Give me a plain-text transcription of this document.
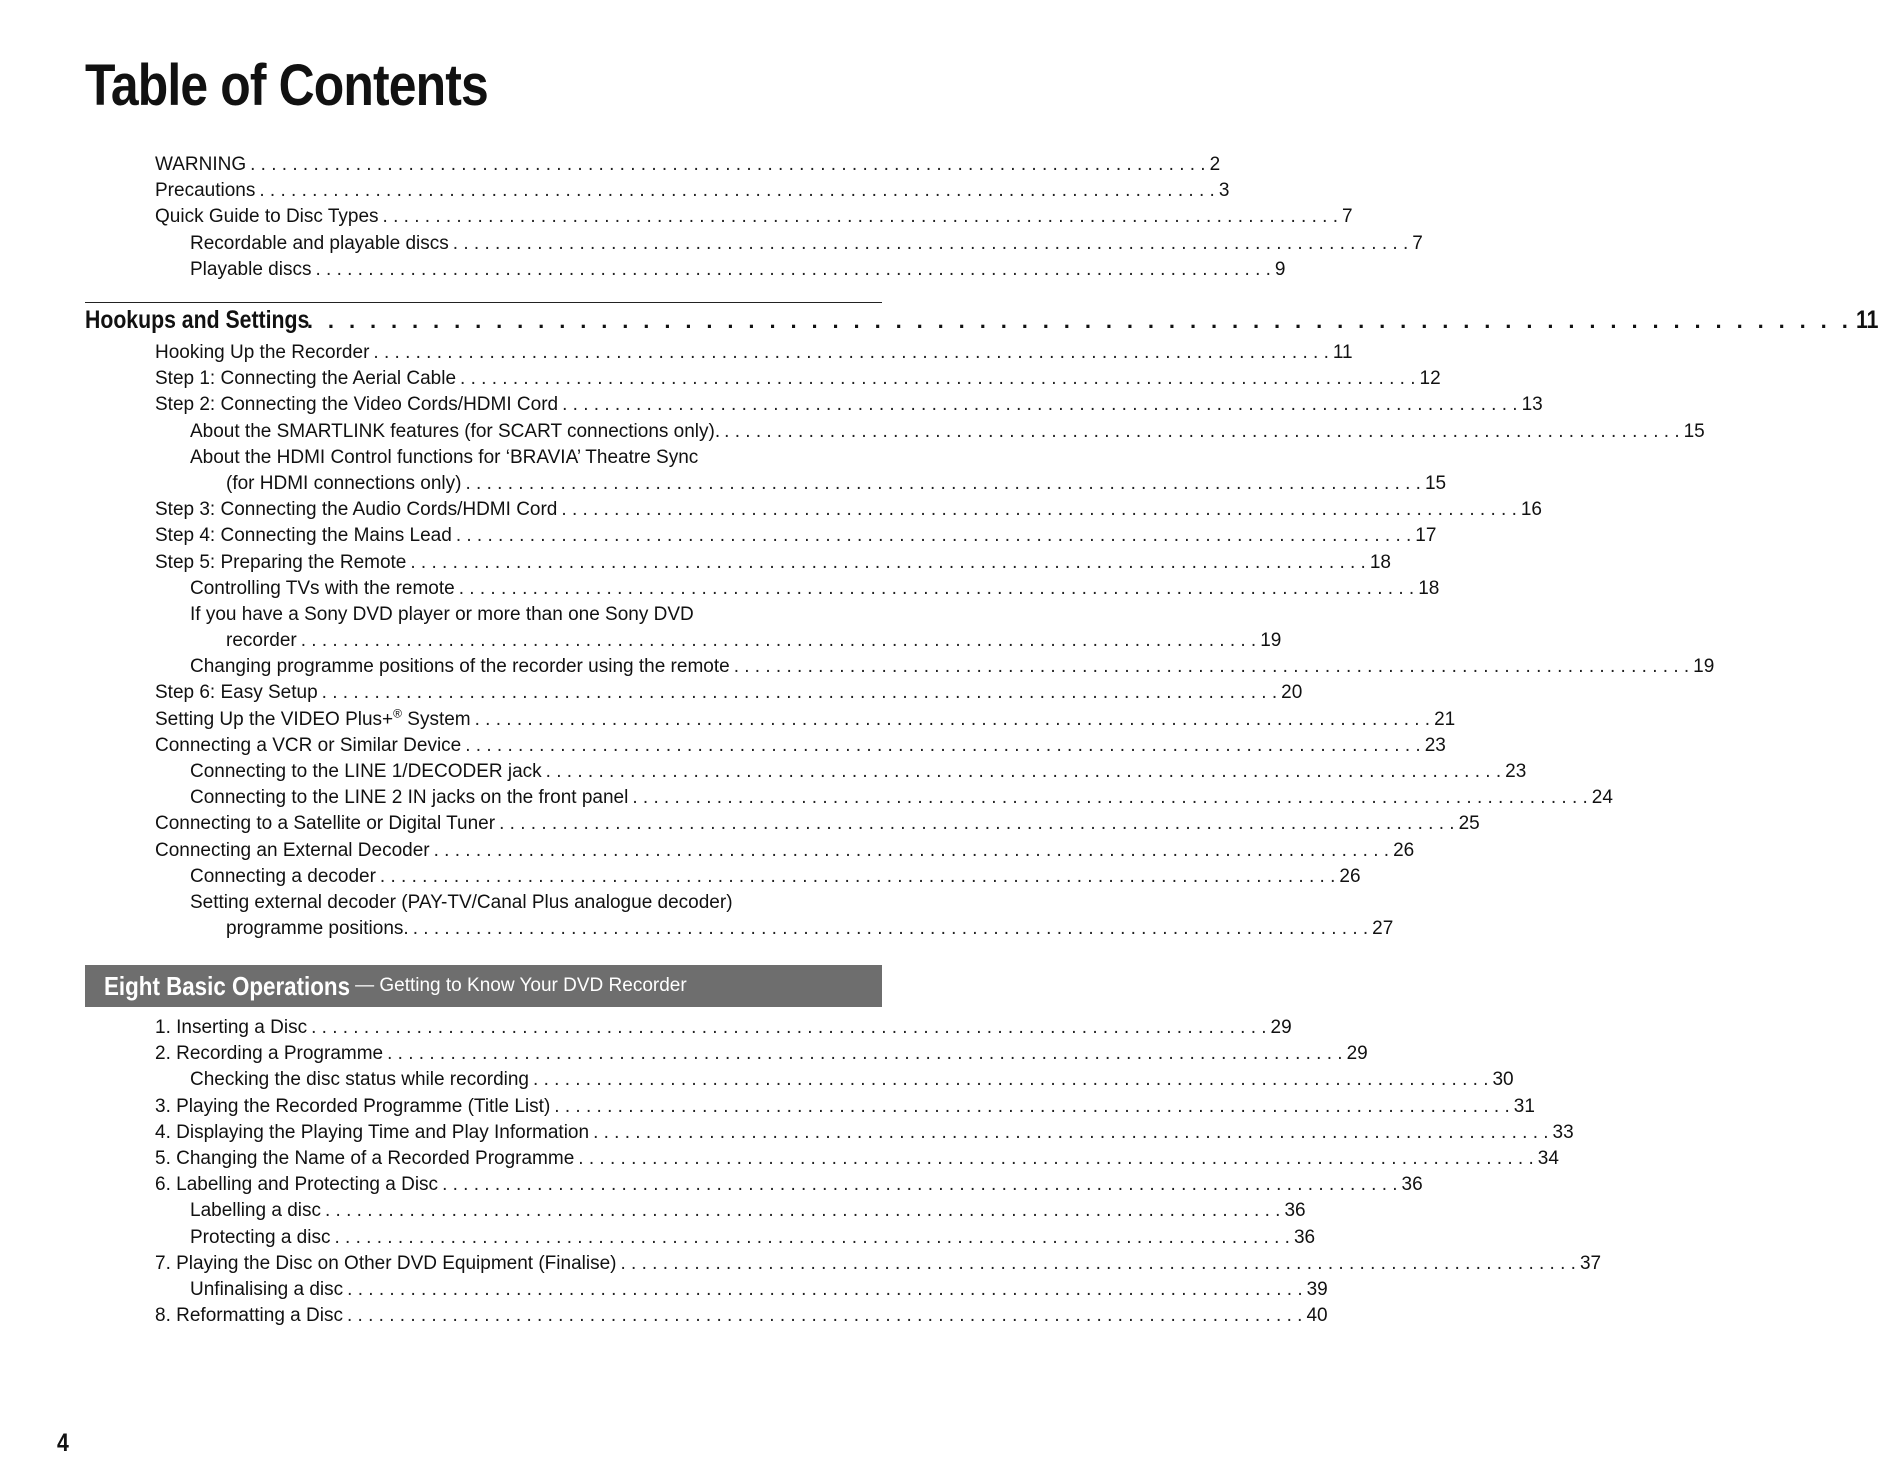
Table of Contents
WARNING . . .	2
Precautions . . .	3
Quick Guide to Disc Types . . .	7
Recordable and playable discs . . .	7
Playable discs . . .	9
Hookups and Settings . . .	11
Hooking Up the Recorder . . .	11
Step 1: Connecting the Aerial Cable . . .	12
Step 2: Connecting the Video Cords/HDMI Cord . . .	13
About the SMARTLINK features (for SCART connections only). . . .	15
About the HDMI Control functions for ‘BRAVIA’ Theatre Sync
(for HDMI connections only) . . .	15
Step 3: Connecting the Audio Cords/HDMI Cord . . .	16
Step 4: Connecting the Mains Lead . . .	17
Step 5: Preparing the Remote . . .	18
Controlling TVs with the remote . . .	18
If you have a Sony DVD player or more than one Sony DVD
recorder . . .	19
Changing programme positions of the recorder using the remote . . .	19
Step 6: Easy Setup . . .	20
Setting Up the VIDEO Plus+® System . . .	21
Connecting a VCR or Similar Device . . .	23
Connecting to the LINE 1/DECODER jack . . .	23
Connecting to the LINE 2 IN jacks on the front panel . . .	24
Connecting to a Satellite or Digital Tuner . . .	25
Connecting an External Decoder . . .	26
Connecting a decoder . . .	26
Setting external decoder (PAY-TV/Canal Plus analogue decoder)
programme positions. . . .	27
Eight Basic Operations — Getting to Know Your DVD Recorder
1. Inserting a Disc . . .	29
2. Recording a Programme . . .	29
Checking the disc status while recording . . .	30
3. Playing the Recorded Programme (Title List) . . .	31
4. Displaying the Playing Time and Play Information . . .	33
5. Changing the Name of a Recorded Programme . . .	34
6. Labelling and Protecting a Disc . . .	36
Labelling a disc . . .	36
Protecting a disc . . .	36
7. Playing the Disc on Other DVD Equipment (Finalise) . . .	37
Unfinalising a disc . . .	39
8. Reformatting a Disc . . .	40
4
